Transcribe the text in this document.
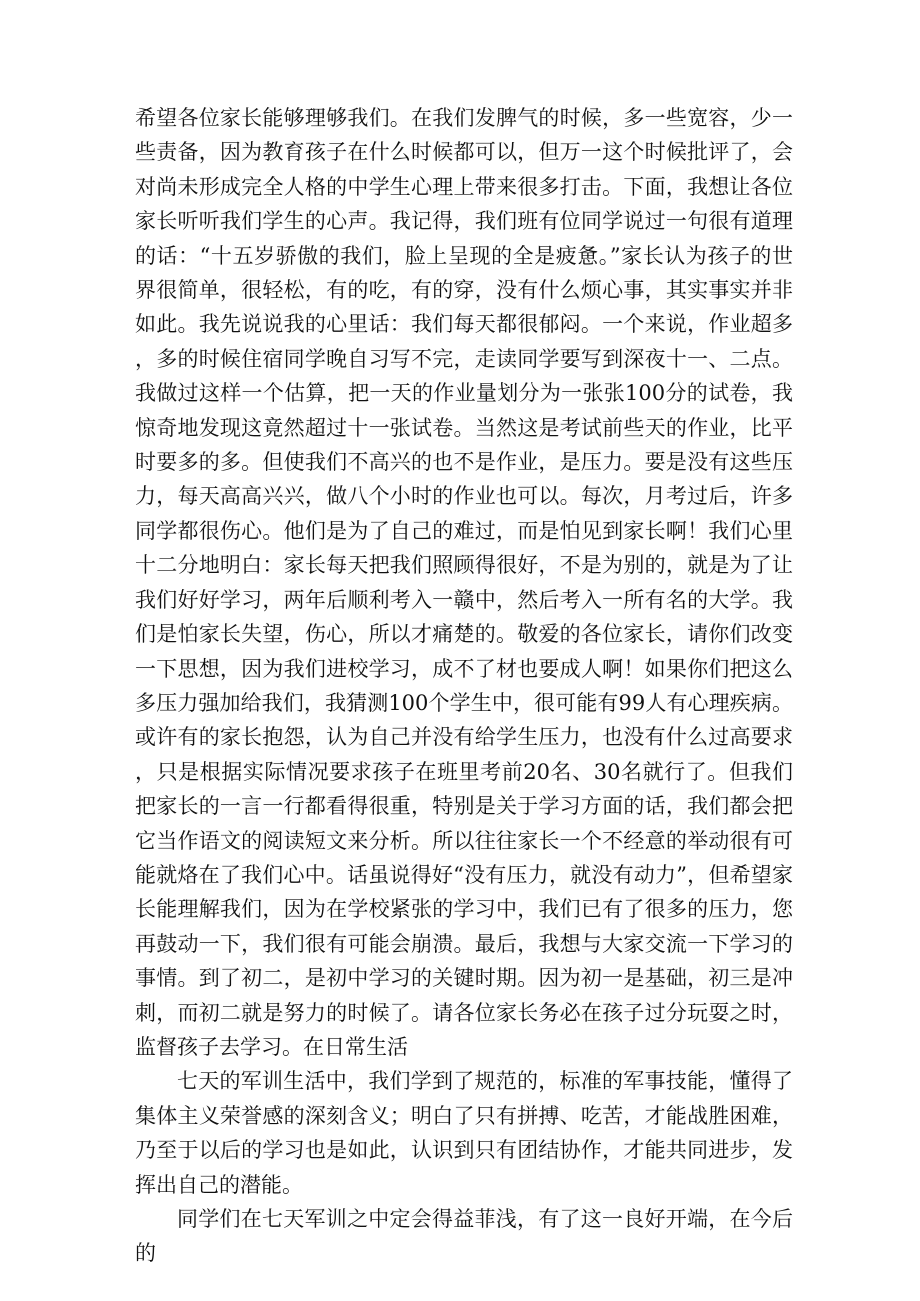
希望各位家长能够理够我们。在我们发脾气的时候，多一些宽容，少一些责备，因为教育孩子在什么时候都可以，但万一这个时候批评了，会对尚未形成完全人格的中学生心理上带来很多打击。下面，我想让各位家长听听我们学生的心声。我记得，我们班有位同学说过一句很有道理的话：“十五岁骄傲的我们，脸上呈现的全是疲惫。”家长认为孩子的世界很简单，很轻松，有的吃，有的穿，没有什么烦心事，其实事实并非如此。我先说说我的心里话：我们每天都很郁闷。一个来说，作业超多，多的时候住宿同学晚自习写不完，走读同学要写到深夜十一、二点。我做过这样一个估算，把一天的作业量划分为一张张100分的试卷，我惊奇地发现这竟然超过十一张试卷。当然这是考试前些天的作业，比平时要多的多。但使我们不高兴的也不是作业，是压力。要是没有这些压力，每天高高兴兴，做八个小时的作业也可以。每次，月考过后，许多同学都很伤心。他们是为了自己的难过，而是怕见到家长啊！我们心里十二分地明白：家长每天把我们照顾得很好，不是为别的，就是为了让我们好好学习，两年后顺利考入一赣中，然后考入一所有名的大学。我们是怕家长失望，伤心，所以才痛楚的。敬爱的各位家长，请你们改变一下思想，因为我们进校学习，成不了材也要成人啊！如果你们把这么多压力强加给我们，我猜测100个学生中，很可能有99人有心理疾病。或许有的家长抱怨，认为自己并没有给学生压力，也没有什么过高要求，只是根据实际情况要求孩子在班里考前20名、30名就行了。但我们把家长的一言一行都看得很重，特别是关于学习方面的话，我们都会把它当作语文的阅读短文来分析。所以往往家长一个不经意的举动很有可能就烙在了我们心中。话虽说得好“没有压力，就没有动力”，但希望家长能理解我们，因为在学校紧张的学习中，我们已有了很多的压力，您再鼓动一下，我们很有可能会崩溃。最后，我想与大家交流一下学习的事情。到了初二，是初中学习的关键时期。因为初一是基础，初三是冲刺，而初二就是努力的时候了。请各位家长务必在孩子过分玩耍之时，监督孩子去学习。在日常生活

七天的军训生活中，我们学到了规范的，标准的军事技能，懂得了集体主义荣誉感的深刻含义；明白了只有拼搏、吃苦，才能战胜困难，乃至于以后的学习也是如此，认识到只有团结协作，才能共同进步，发挥出自己的潜能。

同学们在七天军训之中定会得益菲浅，有了这一良好开端，在今后的
